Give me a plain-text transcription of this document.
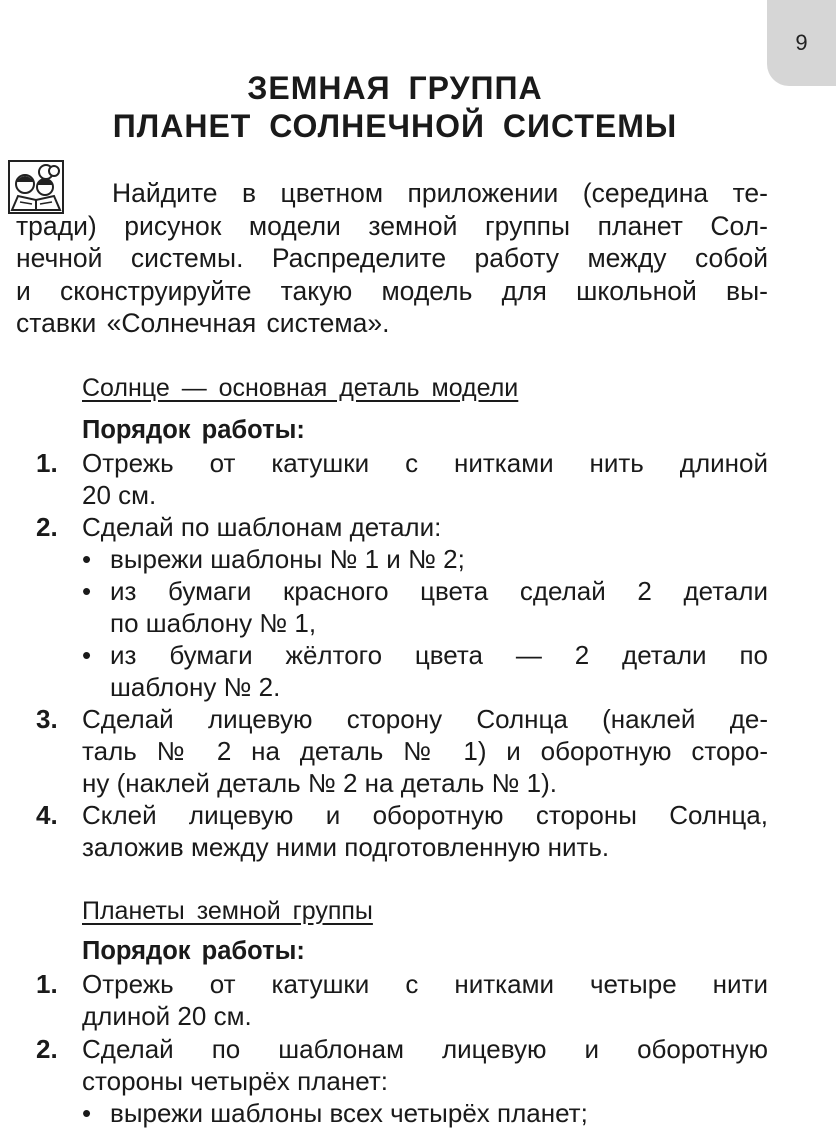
9
ЗЕМНАЯ ГРУППА
ПЛАНЕТ СОЛНЕЧНОЙ СИСТЕМЫ
Найдите в цветном приложении (середина те-
тради) рисунок модели земной группы планет Сол-
нечной системы. Распределите работу между собой
и сконструируйте такую модель для школьной вы-
ставки «Солнечная система».
Солнце — основная деталь модели
Порядок работы:
1. Отрежь от катушки с нитками нить длиной
20 см.
2. Сделай по шаблонам детали:
• вырежи шаблоны № 1 и № 2;
• из бумаги красного цвета сделай 2 детали
по шаблону № 1,
• из бумаги жёлтого цвета — 2 детали по
шаблону № 2.
3. Сделай лицевую сторону Солнца (наклей де-
таль № 2 на деталь № 1) и оборотную сторо-
ну (наклей деталь № 2 на деталь № 1).
4. Склей лицевую и оборотную стороны Солнца,
заложив между ними подготовленную нить.
Планеты земной группы
Порядок работы:
1. Отрежь от катушки с нитками четыре нити
длиной 20 см.
2. Сделай по шаблонам лицевую и оборотную
стороны четырёх планет:
• вырежи шаблоны всех четырёх планет;
